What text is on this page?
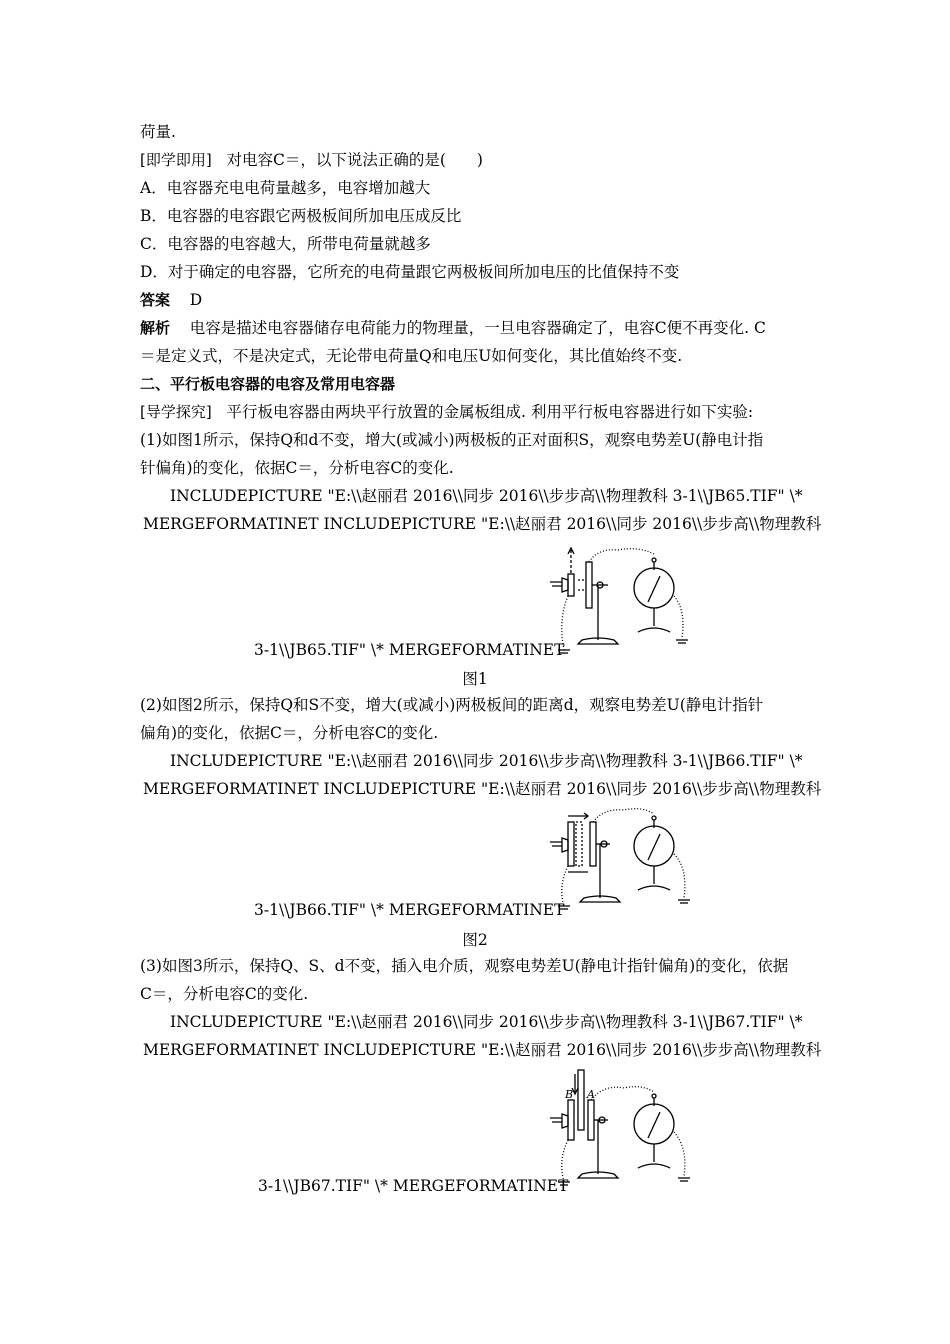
荷量.
[即学即用] 对电容C＝，以下说法正确的是(　　)
A．电容器充电电荷量越多，电容增加越大
B．电容器的电容跟它两极板间所加电压成反比
C．电容器的电容越大，所带电荷量就越多
D．对于确定的电容器，它所充的电荷量跟它两极板间所加电压的比值保持不变
答案 D
解析 电容是描述电容器储存电荷能力的物理量，一旦电容器确定了，电容C便不再变化. C
＝是定义式，不是决定式，无论带电荷量Q和电压U如何变化，其比值始终不变.
二、平行板电容器的电容及常用电容器
[导学探究] 平行板电容器由两块平行放置的金属板组成. 利用平行板电容器进行如下实验:
(1)如图1所示，保持Q和d不变，增大(或减小)两极板的正对面积S，观察电势差U(静电计指
针偏角)的变化，依据C＝，分析电容C的变化.
INCLUDEPICTURE "E:\\赵丽君 2016\\同步 2016\\步步高\\物理教科 3-1\\JB65.TIF" \*
MERGEFORMATINET INCLUDEPICTURE "E:\\赵丽君 2016\\同步 2016\\步步高\\物理教科
3-1\\JB65.TIF" \* MERGEFORMATINET
图1
(2)如图2所示，保持Q和S不变，增大(或减小)两极板间的距离d，观察电势差U(静电计指针
偏角)的变化，依据C＝，分析电容C的变化.
INCLUDEPICTURE "E:\\赵丽君 2016\\同步 2016\\步步高\\物理教科 3-1\\JB66.TIF" \*
MERGEFORMATINET INCLUDEPICTURE "E:\\赵丽君 2016\\同步 2016\\步步高\\物理教科
3-1\\JB66.TIF" \* MERGEFORMATINET
图2
(3)如图3所示，保持Q、S、d不变，插入电介质，观察电势差U(静电计指针偏角)的变化，依据
C＝，分析电容C的变化.
INCLUDEPICTURE "E:\\赵丽君 2016\\同步 2016\\步步高\\物理教科 3-1\\JB67.TIF" \*
MERGEFORMATINET INCLUDEPICTURE "E:\\赵丽君 2016\\同步 2016\\步步高\\物理教科
B A
3-1\\JB67.TIF" \* MERGEFORMATINET
